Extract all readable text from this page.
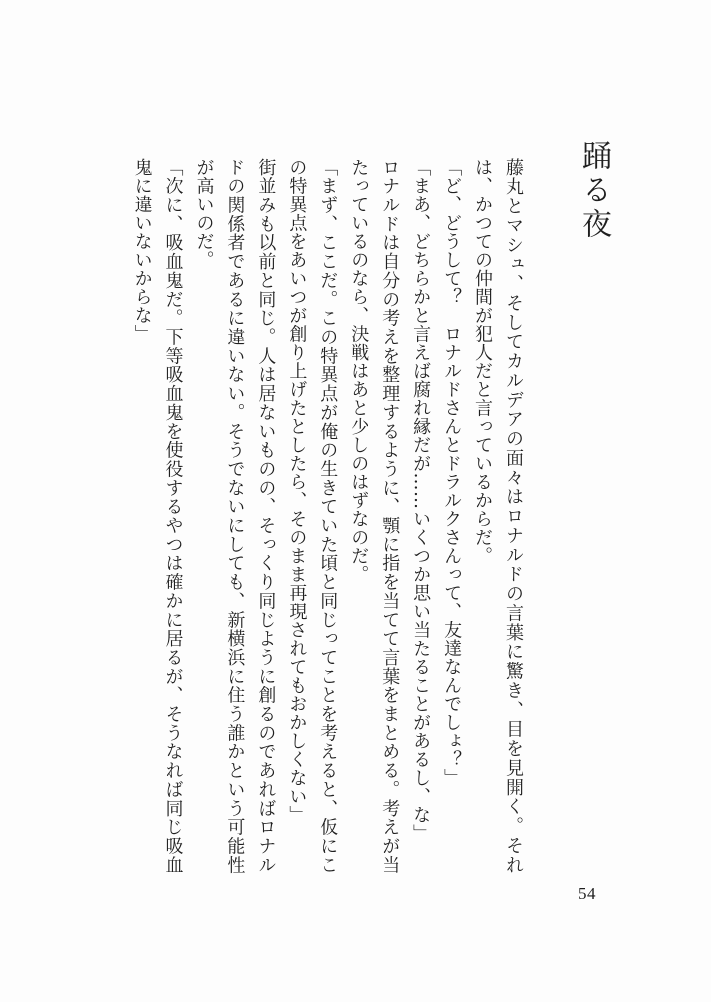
踊る夜

藤丸とマシュ、そしてカルデアの面々はロナルドの言葉に驚き、目を見開く。それは、かつての仲間が犯人だと言っているからだ。

「ど、どうして？　ロナルドさんとドラルクさんって、友達なんでしょ？」

「まあ、どちらかと言えば腐れ縁だが……いくつか思い当たることがあるし、な」

ロナルドは自分の考えを整理するように、顎に指を当てて言葉をまとめる。考えが当たっているのなら、決戦はあと少しのはずなのだ。

「まず、ここだ。この特異点が俺の生きていた頃と同じってことを考えると、仮にこの特異点をあいつが創り上げたとしたら、そのまま再現されてもおかしくない」

街並みも以前と同じ。人は居ないものの、そっくり同じように創るのであればロナルドの関係者であるに違いない。そうでないにしても、新横浜に住う誰かという可能性が高いのだ。

「次に、吸血鬼だ。下等吸血鬼を使役するやつは確かに居るが、そうなれば同じ吸血鬼に違いないからな」

54
